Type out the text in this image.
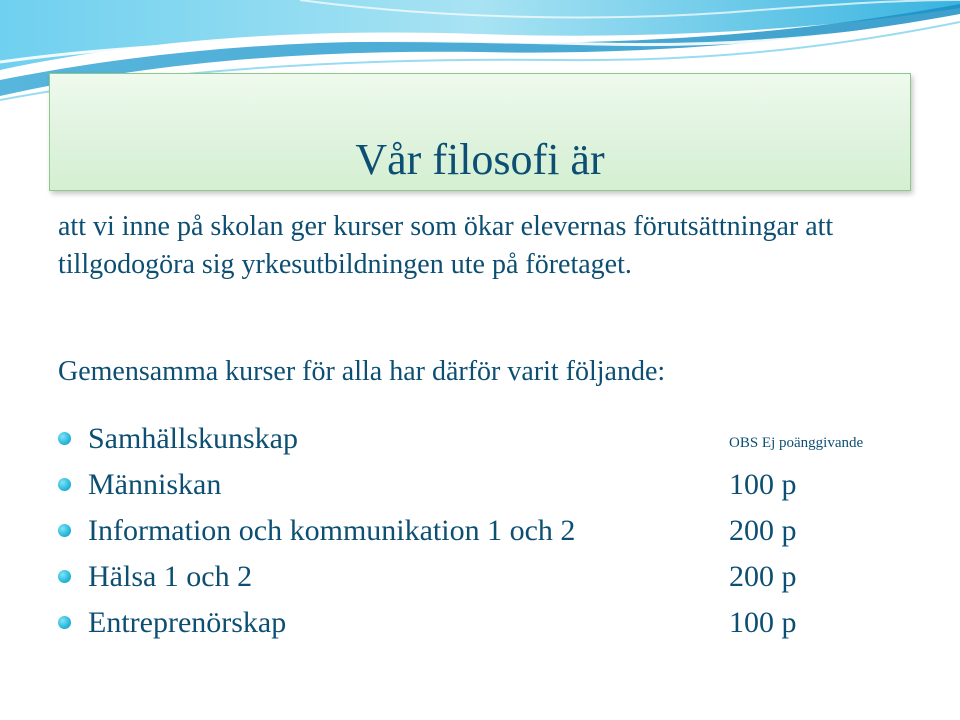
Vår filosofi är

att vi inne på skolan ger kurser som ökar elevernas förutsättningar att tillgodogöra sig yrkesutbildningen ute på företaget.

Gemensamma kurser för alla har därför varit följande:

Samhällskunskap	OBS Ej poänggivande
Människan	100 p
Information och kommunikation 1 och 2	200 p
Hälsa 1 och 2	200 p
Entreprenörskap	100 p
